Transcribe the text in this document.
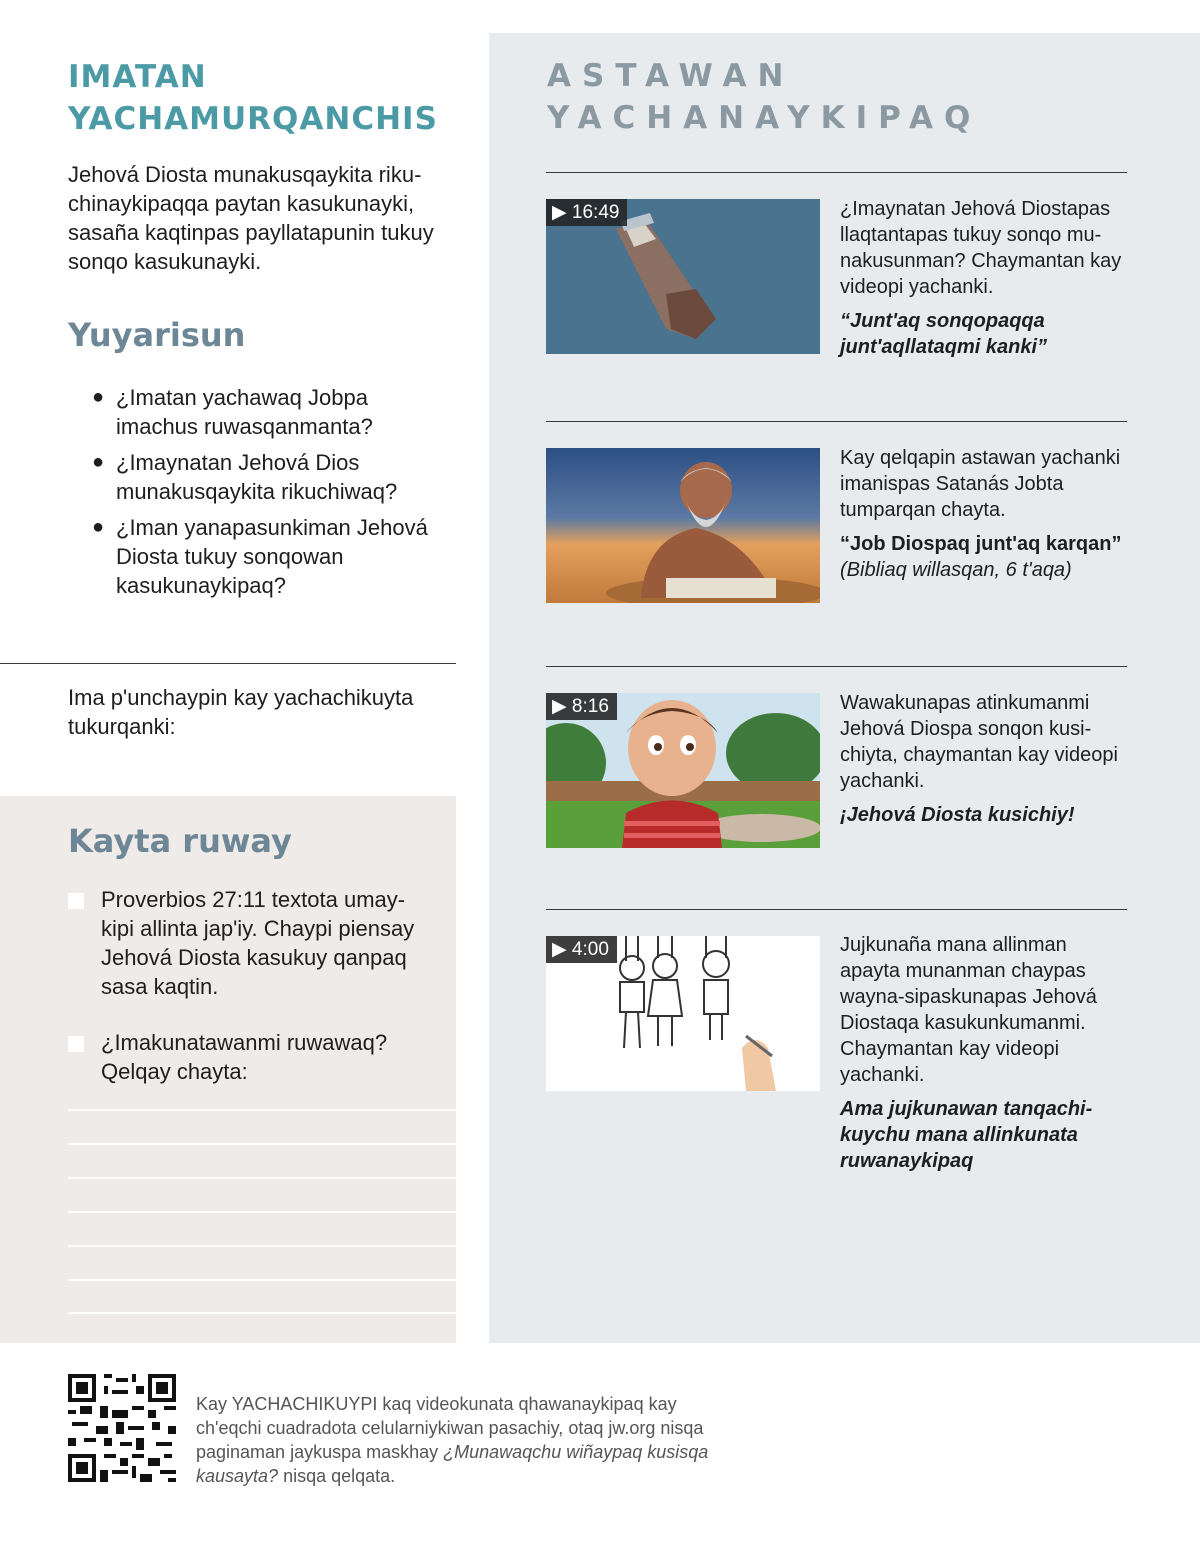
IMATAN
YACHAMURQANCHIS

Jehová Diosta munakusqaykita rikuchinaykipaqqa paytan kasukunayki, sasaña kaqtinpas payllatapunin tukuy sonqo kasukunayki.

Yuyarisun
● ¿Imatan yachawaq Jobpa imachus ruwasqanmanta?
● ¿Imaynatan Jehová Dios munakusqaykita rikuchiwaq?
● ¿Iman yanapasunkiman Jehová Diosta tukuy sonqowan kasukunaykipaq?

Ima p'unchaypin kay yachachikuyta tukurqanki:

Kayta ruway
Proverbios 27:11 textota umaykipi allinta jap'iy. Chaypi piensay Jehová Diosta kasukuy qanpaq sasa kaqtin.
¿Imakunatawanmi ruwawaq? Qelqay chayta:
ASTAWAN
YACHANAYKIPAQ
▶ 16:49	¿Imaynatan Jehová Diostapas llaqtantapas tukuy sonqo munakusunman? Chaymantan kay videopi yachanki.

“Junt'aq sonqopaqqa junt'aqllataqmi kanki”

Kay qelqapin astawan yachanki imanispas Satanás Jobta tumparqan chayta.

“Job Diospaq junt'aq karqan” (Bibliaq willasqan, 6 t'aqa)

▶ 8:16	Wawakunapas atinkumanmi Jehová Diospa sonqon kusichiyta, chaymantan kay videopi yachanki.

¡Jehová Diosta kusichiy!

▶ 4:00	Jujkunaña mana allinman apayta munanman chaypas wayna-sipaskunapas Jehová Diostaqa kasukunkumanmi. Chaymantan kay videopi yachanki.

Ama jujkunawan tanqachikuychu mana allinkunata ruwanaykipaq

Kay YACHACHIKUYPI kaq videokunata qhawanaykipaq kay ch'eqchi cuadradota celularniykiwan pasachiy, otaq jw.org nisqa paginaman jaykuspa maskhay ¿Munawaqchu wiñaypaq kusisqa kausayta? nisqa qelqata.
